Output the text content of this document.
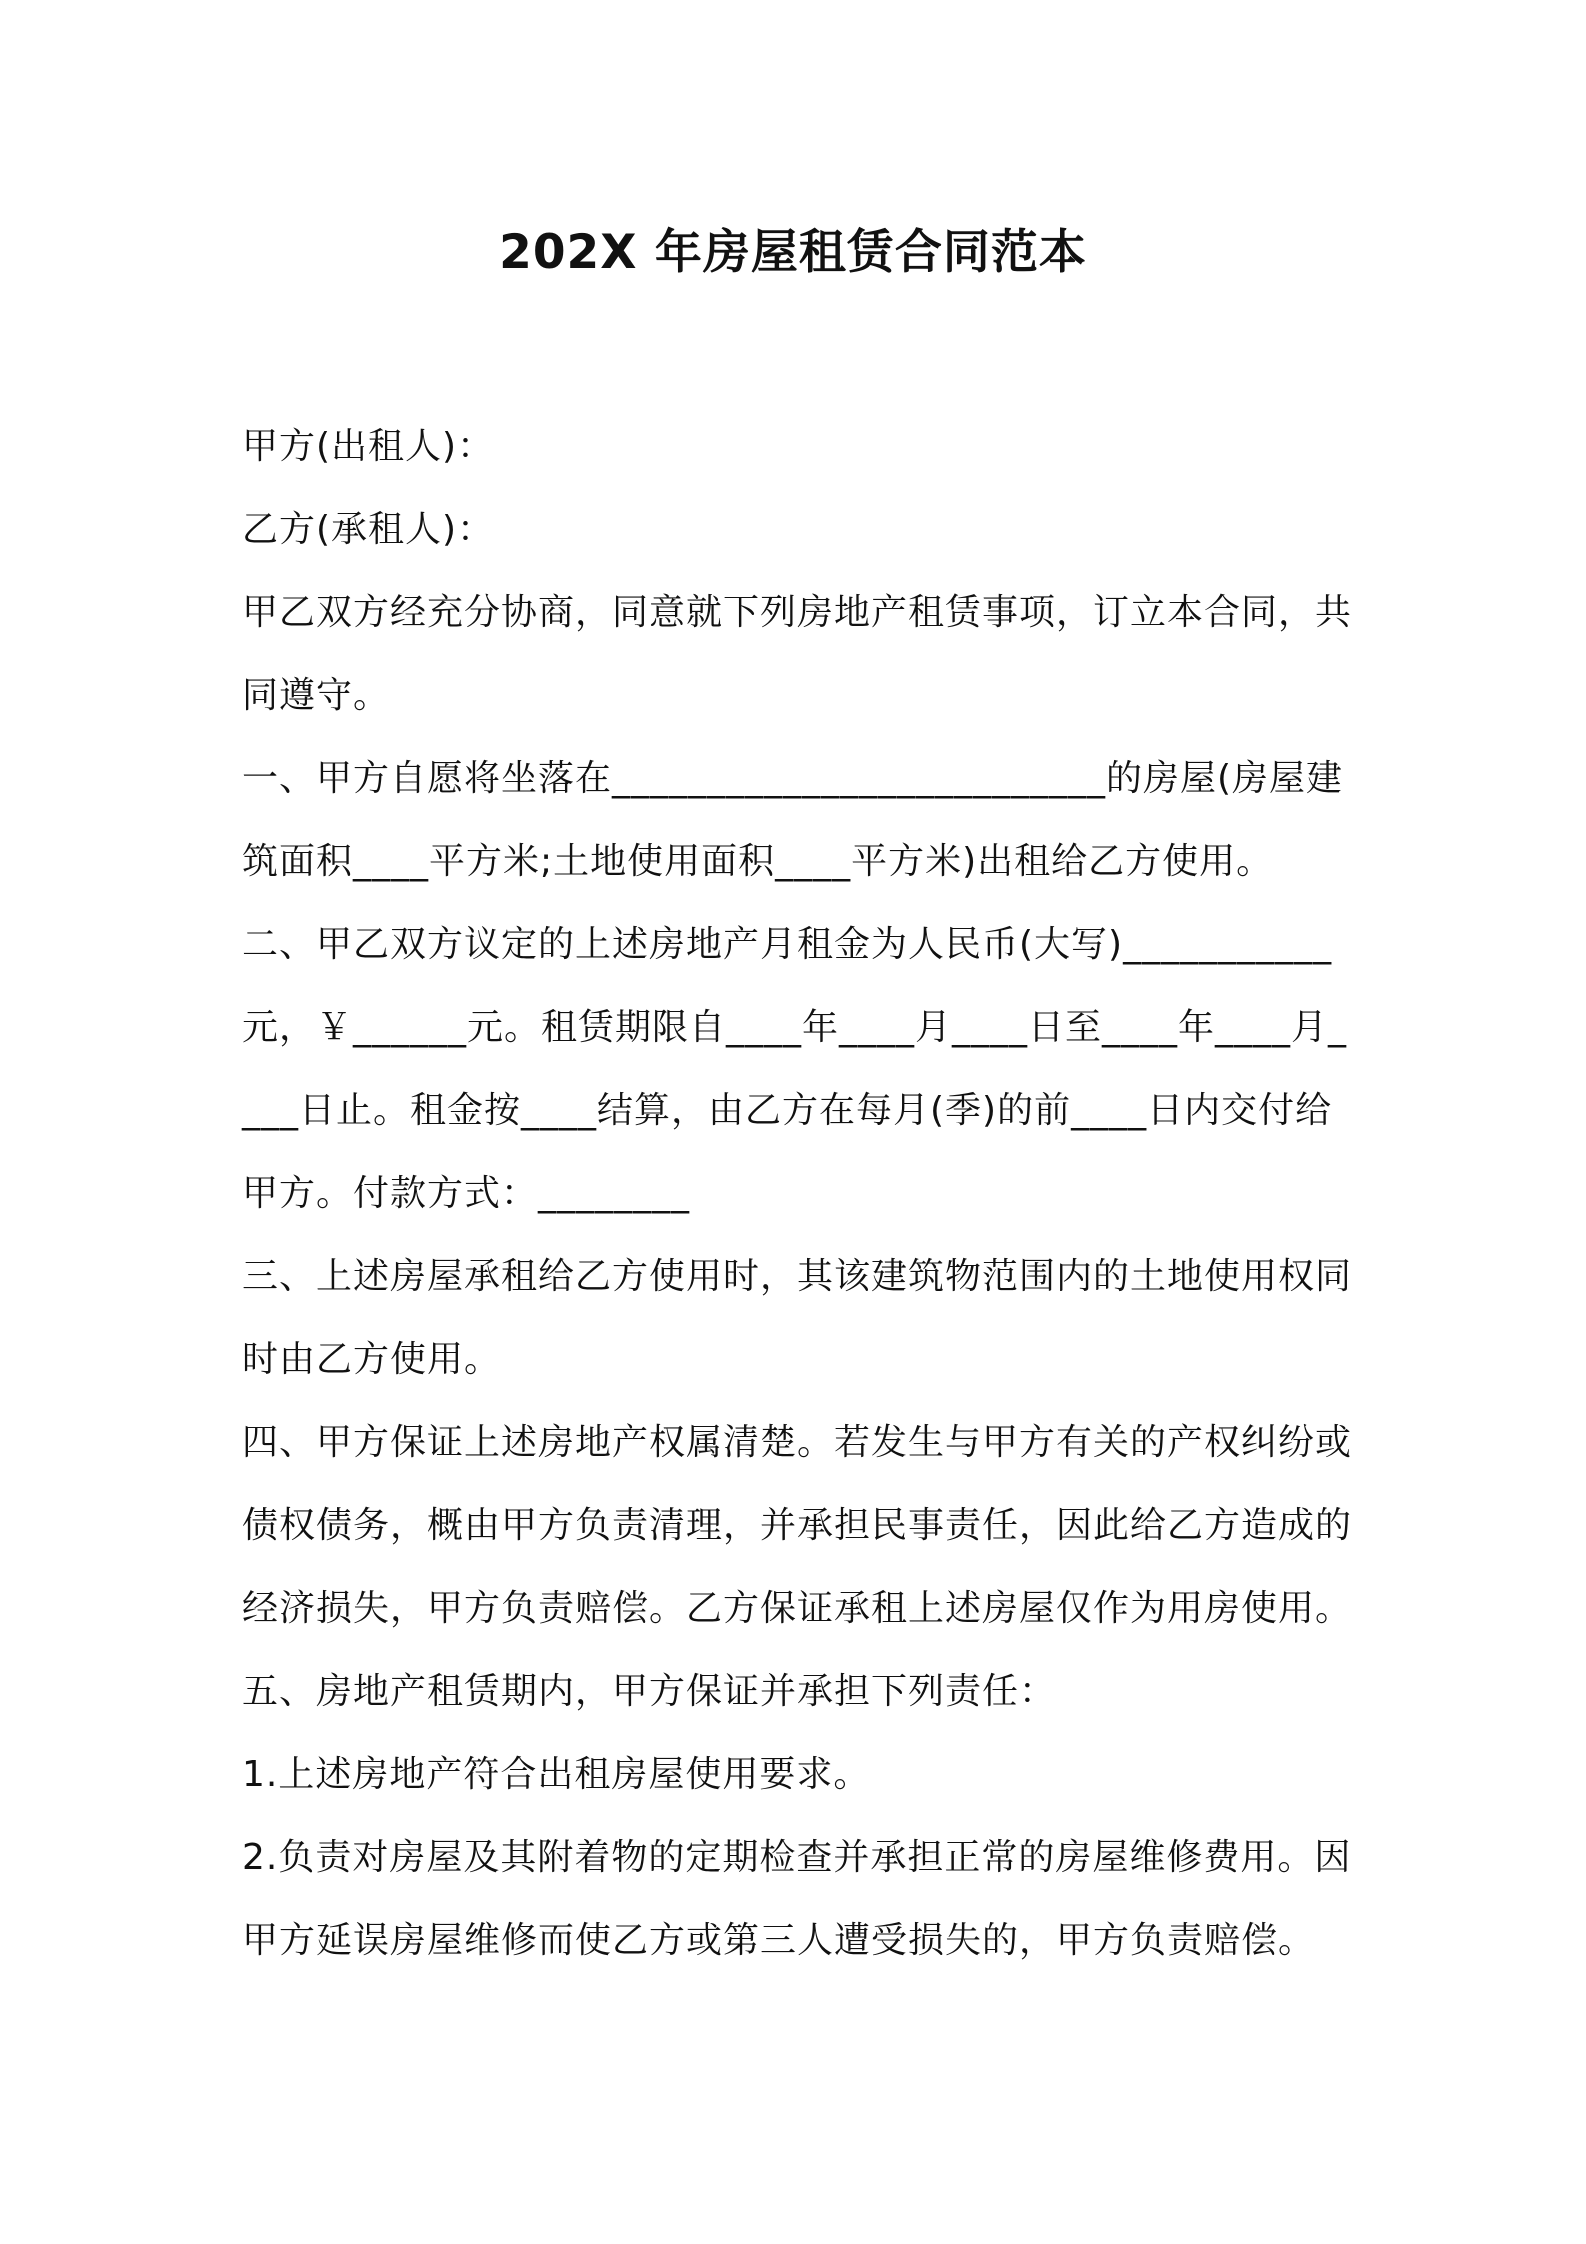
202X 年房屋租赁合同范本

甲方(出租人)：

乙方(承租人)：

甲乙双方经充分协商，同意就下列房地产租赁事项，订立本合同，共同遵守。

一、甲方自愿将坐落在__________________________的房屋(房屋建筑面积____平方米;土地使用面积____平方米)出租给乙方使用。

二、甲乙双方议定的上述房地产月租金为人民币(大写)___________元，￥______元。租赁期限自____年____月____日至____年____月____日止。租金按____结算，由乙方在每月(季)的前____日内交付给甲方。付款方式：________

三、上述房屋承租给乙方使用时，其该建筑物范围内的土地使用权同时由乙方使用。

四、甲方保证上述房地产权属清楚。若发生与甲方有关的产权纠纷或债权债务，概由甲方负责清理，并承担民事责任，因此给乙方造成的经济损失，甲方负责赔偿。乙方保证承租上述房屋仅作为用房使用。

五、房地产租赁期内，甲方保证并承担下列责任：

1.上述房地产符合出租房屋使用要求。

2.负责对房屋及其附着物的定期检查并承担正常的房屋维修费用。因甲方延误房屋维修而使乙方或第三人遭受损失的，甲方负责赔偿。
